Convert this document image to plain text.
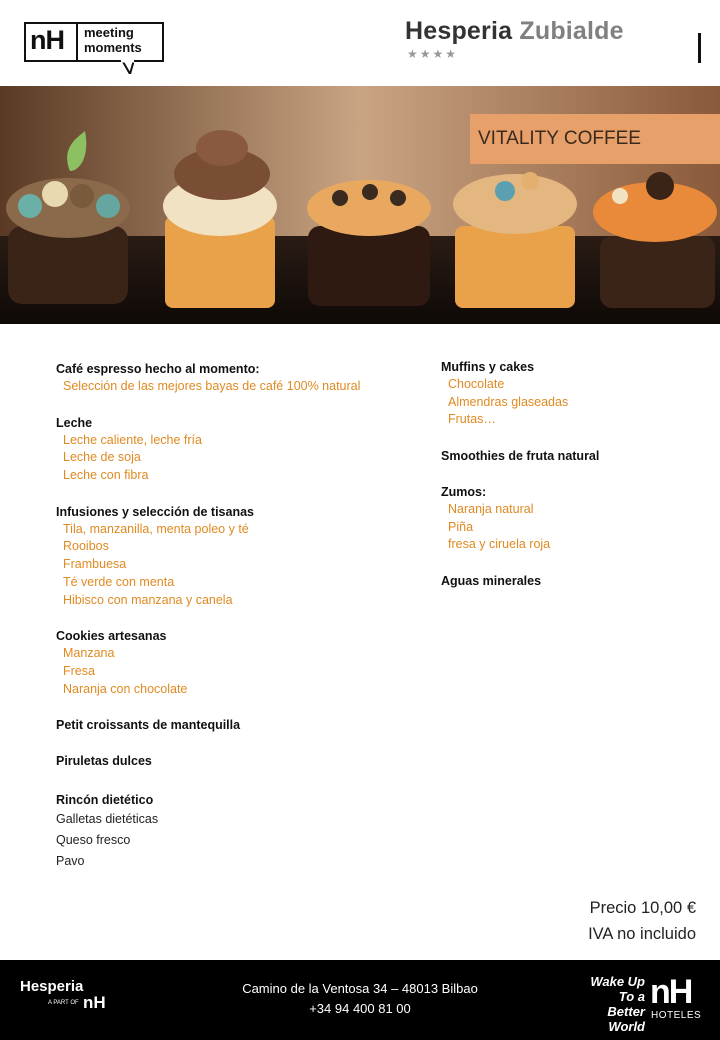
nH meeting
moments
Hesperia Zubialde
★★★★
VITALITY COFFEE
Café espresso hecho al momento:
Selección de las mejores bayas de café 100% natural
Leche
Leche caliente, leche fría
Leche de soja
Leche con fibra
Infusiones y selección de tisanas
Tila, manzanilla, menta poleo y té
Rooibos
Frambuesa
Té verde con menta
Hibisco con manzana y canela
Cookies artesanas
Manzana
Fresa
Naranja con chocolate
Petit croissants de mantequilla
Piruletas dulces
Rincón dietético
Galletas dietéticas
Queso fresco
Pavo
Muffins y cakes
Chocolate
Almendras glaseadas
Frutas…
Smoothies de fruta natural
Zumos:
Naranja natural
Piña
fresa y ciruela roja
Aguas minerales
Precio 10,00 €
IVA no incluido
Hesperia
A PART OF nH
Camino de la Ventosa 34 – 48013 Bilbao
+34 94 400 81 00
Wake Up
To a Better
World
nH
HOTELES
